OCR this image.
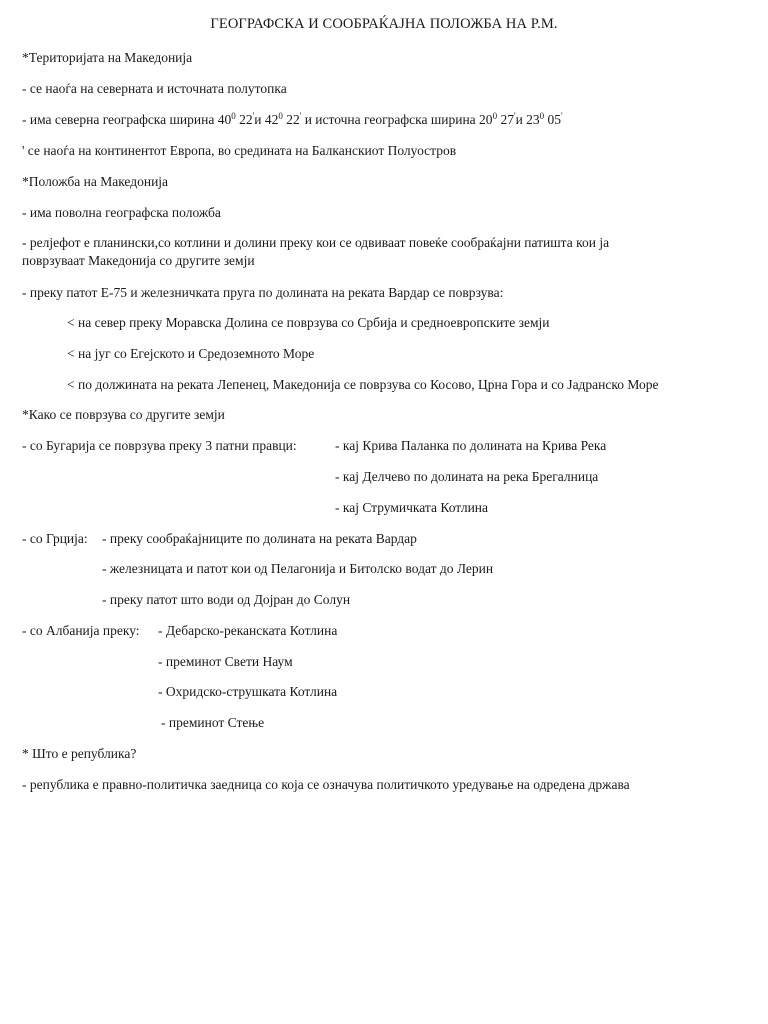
ГЕОГРАФСКА И СООБРАЌАЈНА ПОЛОЖБА НА Р.М.
*Територијата на Македонија
- се наоѓа на северната и источната полутопка
- има северна географска ширина $40^0$ 22'и $42^0$ 22' и источна географска ширина $20^0$ 27'и $23^0$ 05'
' се наоѓа на континентот Европа, во средината на Балканскиот Полуостров
*Положба на Македонија
- има поволна географска положба
- релјефот е планински,со котлини и долини преку кои се одвиваат повеќе сообраќајни патишта кои ја
поврзуваат Македонија со другите земји
- преку патот Е-75 и железничката пруга по долината на реката Вардар се поврзува:
< на север преку Моравска Долина се поврзува со Србија и средноевропските земји
< на југ со Егејското и Средоземното Море
< по должината на реката Лепенец, Македонија се поврзува со Косово, Црна Гора и со Јадранско Море
*Како се поврзува со другите земји
- со Бугарија се поврзува преку 3 патни правци:	- кај Крива Паланка по долината на Крива Река
- кај Делчево по долината на река Брегалница
- кај Струмичката Котлина
- со Грција: - преку сообраќајниците по долината на реката Вардар
- железницата и патот кои од Пелагонија и Битолско водат до Лерин
- преку патот што води од Дојран до Солун
- со Албанија преку: - Дебарско-реканската Котлина
- преминот Свети Наум
- Охридско-струшката Котлина
- преминот Стење
* Што е република?
- република е правно-политичка заедница со која се означува политичкото уредување на одредена држава
